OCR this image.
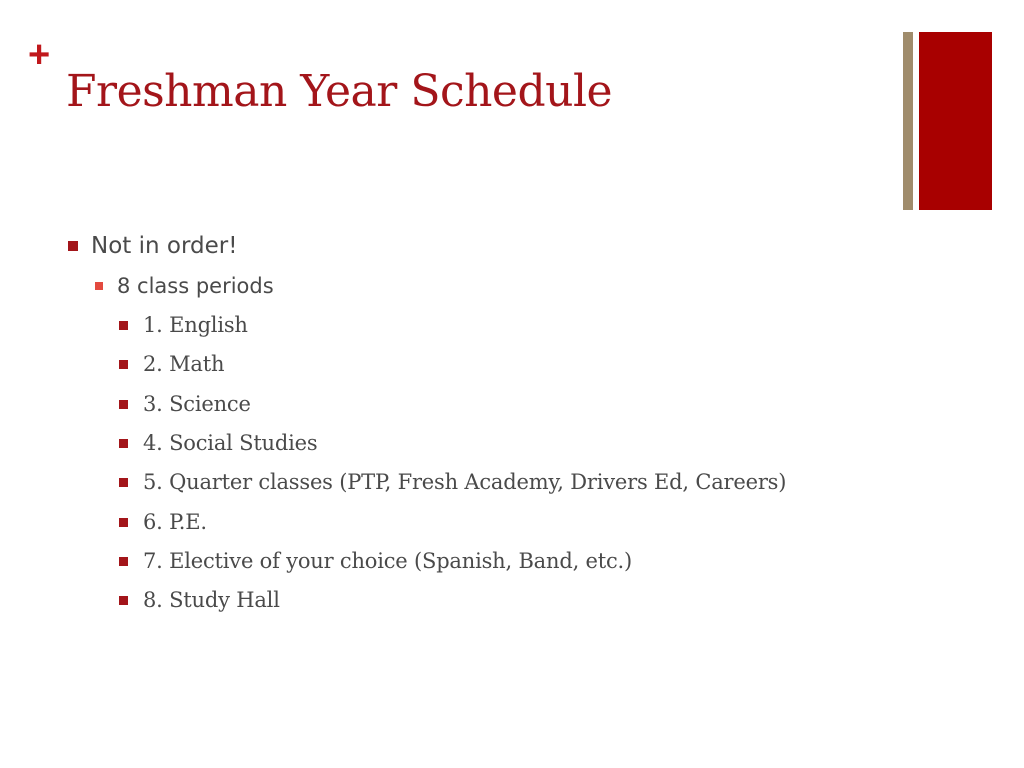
+
Freshman Year Schedule
Not in order!
8 class periods
1. English
2. Math
3. Science
4. Social Studies
5. Quarter classes (PTP, Fresh Academy, Drivers Ed, Careers)
6. P.E.
7. Elective of your choice (Spanish, Band, etc.)
8. Study Hall
